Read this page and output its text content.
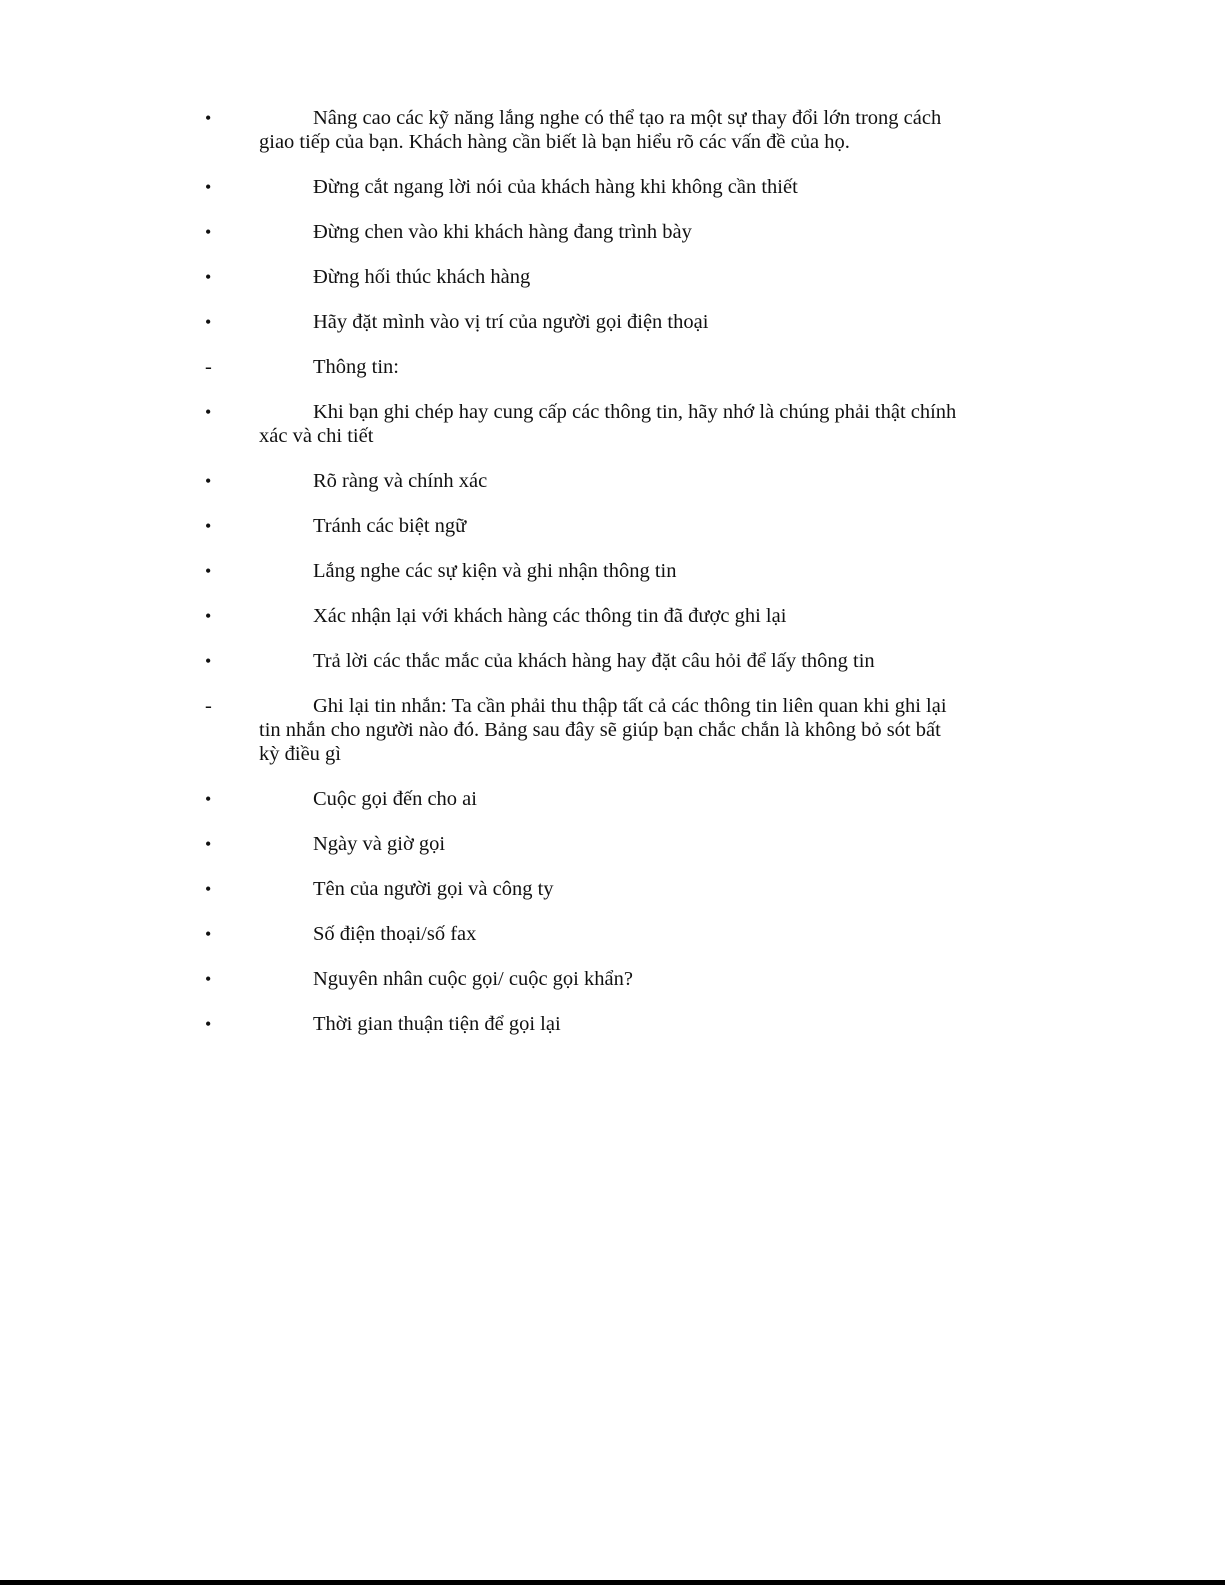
•	Nâng cao các kỹ năng lắng nghe có thể tạo ra một sự thay đổi lớn trong cách giao tiếp của bạn. Khách hàng cần biết là bạn hiểu rõ các vấn đề của họ.

•	Đừng cắt ngang lời nói của khách hàng khi không cần thiết

•	Đừng chen vào khi khách hàng đang trình bày

•	Đừng hối thúc khách hàng

•	Hãy đặt mình vào vị trí của người gọi điện thoại

-	Thông tin:

•	Khi bạn ghi chép hay cung cấp các thông tin, hãy nhớ là chúng phải thật chính xác và chi tiết

•	Rõ ràng và chính xác

•	Tránh các biệt ngữ

•	Lắng nghe các sự kiện và ghi nhận thông tin

•	Xác nhận lại với khách hàng các thông tin đã được ghi lại

•	Trả lời các thắc mắc của khách hàng hay đặt câu hỏi để lấy thông tin

-	Ghi lại tin nhắn: Ta cần phải thu thập tất cả các thông tin liên quan khi ghi lại tin nhắn cho người nào đó. Bảng sau đây sẽ giúp bạn chắc chắn là không bỏ sót bất kỳ điều gì

•	Cuộc gọi đến cho ai

•	Ngày và giờ gọi

•	Tên của người gọi và công ty

•	Số điện thoại/số fax

•	Nguyên nhân cuộc gọi/ cuộc gọi khẩn?

•	Thời gian thuận tiện để gọi lại
